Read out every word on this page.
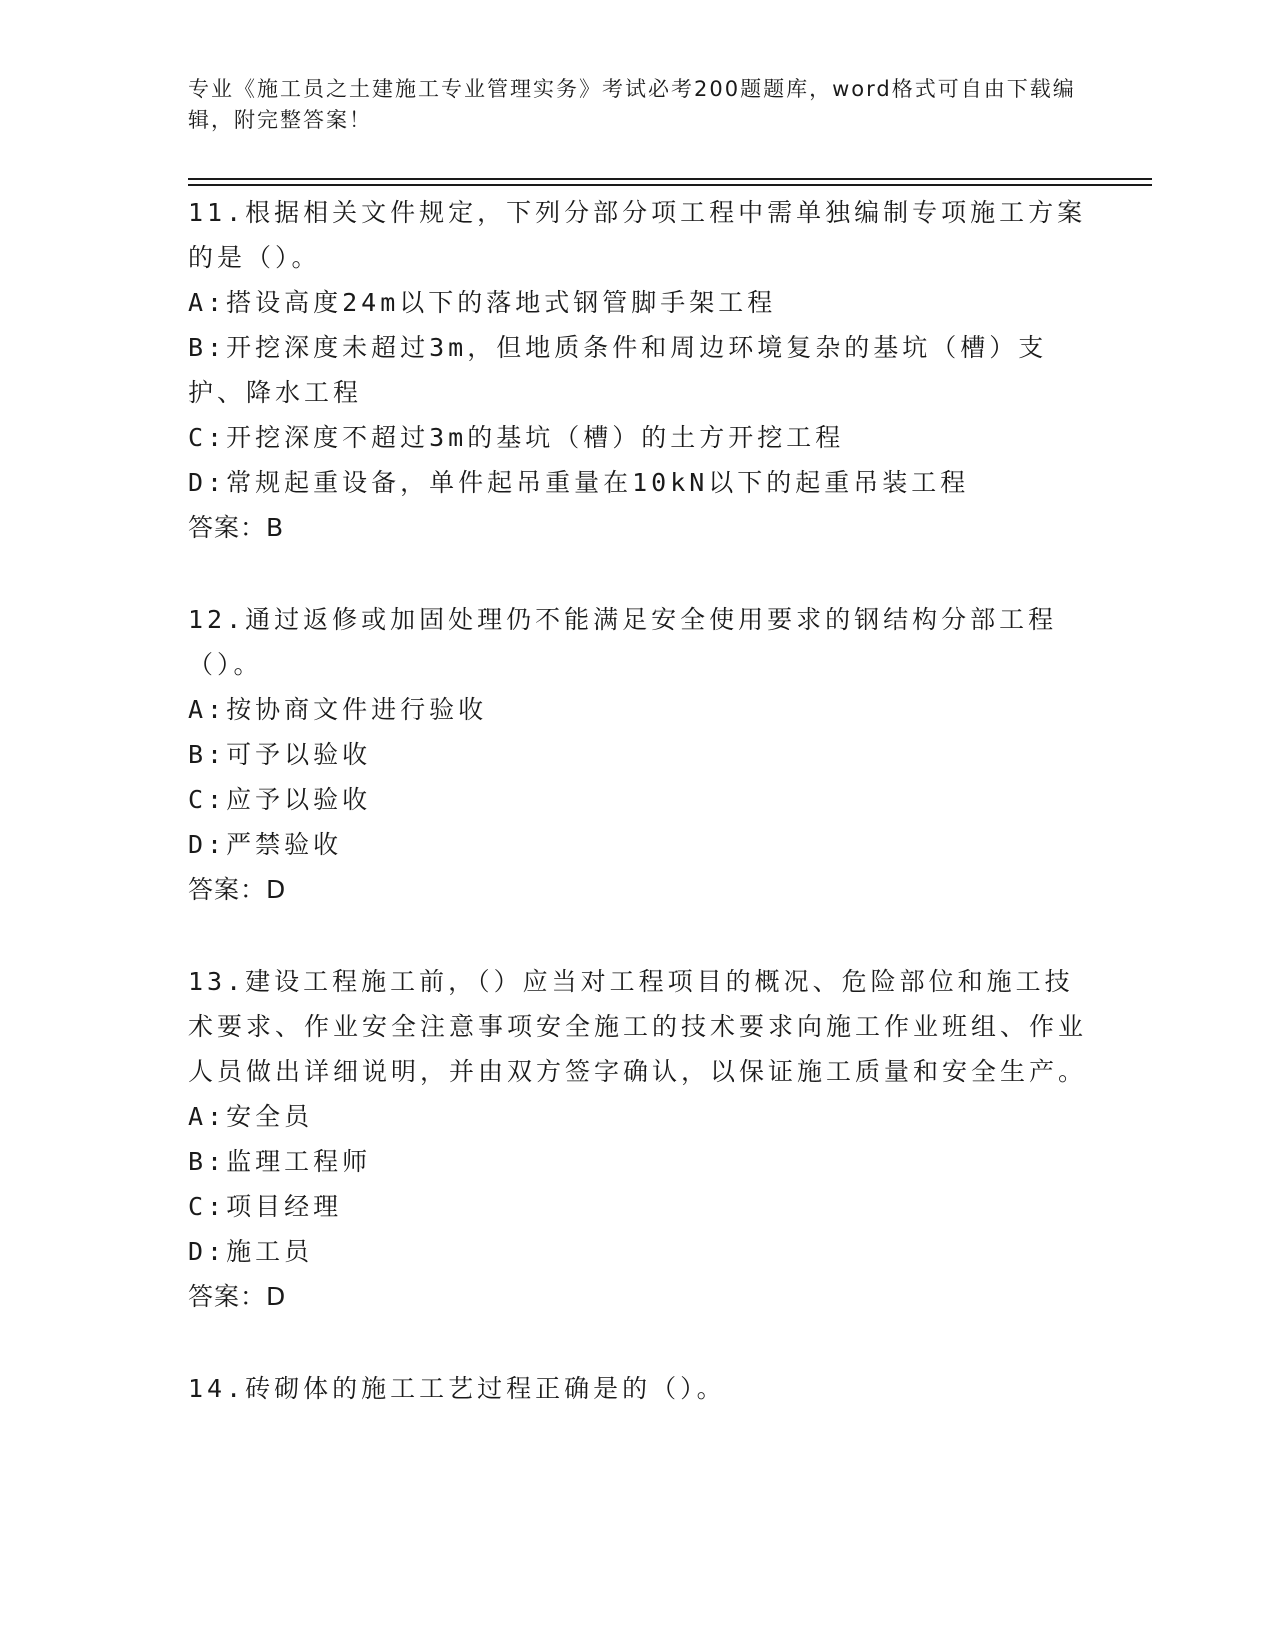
专业《施工员之土建施工专业管理实务》考试必考200题题库，word格式可自由下载编辑，附完整答案！

11.根据相关文件规定，下列分部分项工程中需单独编制专项施工方案的是（）。

A:搭设高度24m以下的落地式钢管脚手架工程

B:开挖深度未超过3m，但地质条件和周边环境复杂的基坑（槽）支护、降水工程

C:开挖深度不超过3m的基坑（槽）的土方开挖工程

D:常规起重设备，单件起吊重量在10kN以下的起重吊装工程

答案：B

12.通过返修或加固处理仍不能满足安全使用要求的钢结构分部工程（）。

A:按协商文件进行验收

B:可予以验收

C:应予以验收

D:严禁验收

答案：D

13.建设工程施工前，（）应当对工程项目的概况、危险部位和施工技术要求、作业安全注意事项安全施工的技术要求向施工作业班组、作业人员做出详细说明，并由双方签字确认，以保证施工质量和安全生产。

A:安全员

B:监理工程师

C:项目经理

D:施工员

答案：D

14.砖砌体的施工工艺过程正确是的（）。
